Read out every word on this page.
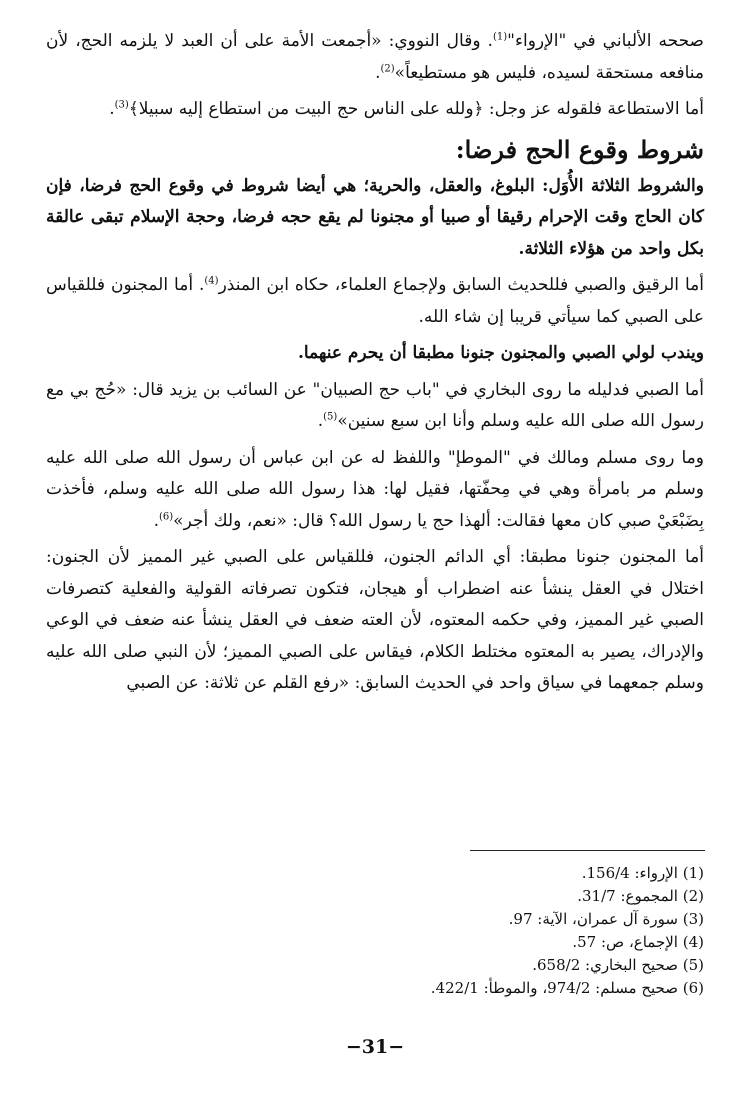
صححه الألباني في "الإرواء"$^{(1)}$. وقال النووي: «أجمعت الأمة على أن العبد لا يلزمه الحج، لأن منافعه مستحقة لسيده، فليس هو مستطيعاً»$^{(2)}$.

أما الاستطاعة فلقوله عز وجل: ﴿ولله على الناس حج البيت من استطاع إليه سبيلا﴾$^{(3)}$.

شروط وقوع الحج فرضا:

والشروط الثلاثة الأُوَل: البلوغ، والعقل، والحرية؛ هي أيضا شروط في وقوع الحج فرضا، فإن كان الحاج وقت الإحرام رقيقا أو صبيا أو مجنونا لم يقع حجه فرضا، وحجة الإسلام تبقى عالقة بكل واحد من هؤلاء الثلاثة.

أما الرقيق والصبي فللحديث السابق ولإجماع العلماء، حكاه ابن المنذر$^{(4)}$. أما المجنون فللقياس على الصبي كما سيأتي قريبا إن شاء الله.

ويندب لولي الصبي والمجنون جنونا مطبقا أن يحرم عنهما.

أما الصبي فدليله ما روى البخاري في "باب حج الصبيان" عن السائب بن يزيد قال: «حُج بي مع رسول الله صلى الله عليه وسلم وأنا ابن سبع سنين»$^{(5)}$.

وما روى مسلم ومالك في "الموطإ" واللفظ له عن ابن عباس أن رسول الله صلى الله عليه وسلم مر بامرأة وهي في مِحفّتها، فقيل لها: هذا رسول الله صلى الله عليه وسلم، فأخذت بِضَبْعَيْ صبي كان معها فقالت: ألهذا حج يا رسول الله؟ قال: «نعم، ولك أجر»$^{(6)}$.

أما المجنون جنونا مطبقا: أي الدائم الجنون، فللقياس على الصبي غير المميز لأن الجنون: اختلال في العقل ينشأ عنه اضطراب أو هيجان، فتكون تصرفاته القولية والفعلية كتصرفات الصبي غير المميز، وفي حكمه المعتوه، لأن العته ضعف في العقل ينشأ عنه ضعف في الوعي والإدراك، يصير به المعتوه مختلط الكلام، فيقاس على الصبي المميز؛ لأن النبي صلى الله عليه وسلم جمعهما في سياق واحد في الحديث السابق: «رفع القلم عن ثلاثة: عن الصبي

(1) الإرواء: 156/4.
(2) المجموع: 31/7.
(3) سورة آل عمران، الآية: 97.
(4) الإجماع، ص: 57.
(5) صحيح البخاري: 658/2.
(6) صحيح مسلم: 974/2، والموطأ: 422/1.
−31−
